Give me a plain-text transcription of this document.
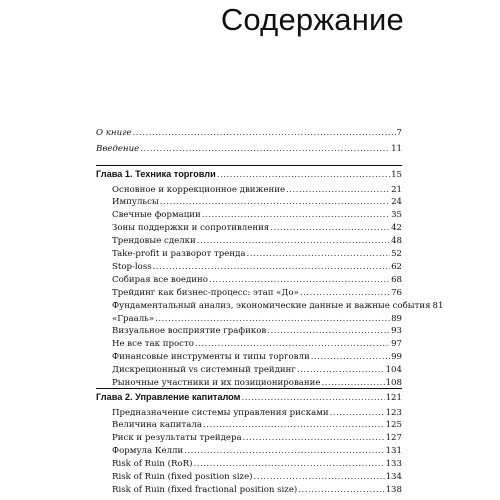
Содержание
О книге .....	7
Введение .....	11
Глава 1. Техника торговли .....	15
Основное и коррекционное движение .....	21
Импульсы .....	24
Свечные формации .....	35
Зоны поддержки и сопротивления .....	42
Трендовые сделки .....	48
Take-profit и разворот тренда .....	52
Stop-loss .....	62
Собирая все воедино .....	68
Трейдинг как бизнес-процесс: этап «До» .....	76
Фундаментальный анализ, экономические данные и важные события 81
«Грааль» .....	89
Визуальное восприятие графиков .....	93
Не все так просто .....	97
Финансовые инструменты и типы торговли .....	99
Дискреционный vs системный трейдинг .....	104
Рыночные участники и их позиционирование .....	108
Глава 2. Управление капиталом .....	121
Предназначение системы управления рисками .....	123
Величина капитала .....	125
Риск и результаты трейдера .....	127
Формула Келли .....	131
Risk of Ruin (RoR) .....	133
Risk of Ruin (fixed position size) .....	134
Risk of Ruin (fixed fractional position size) .....	138
